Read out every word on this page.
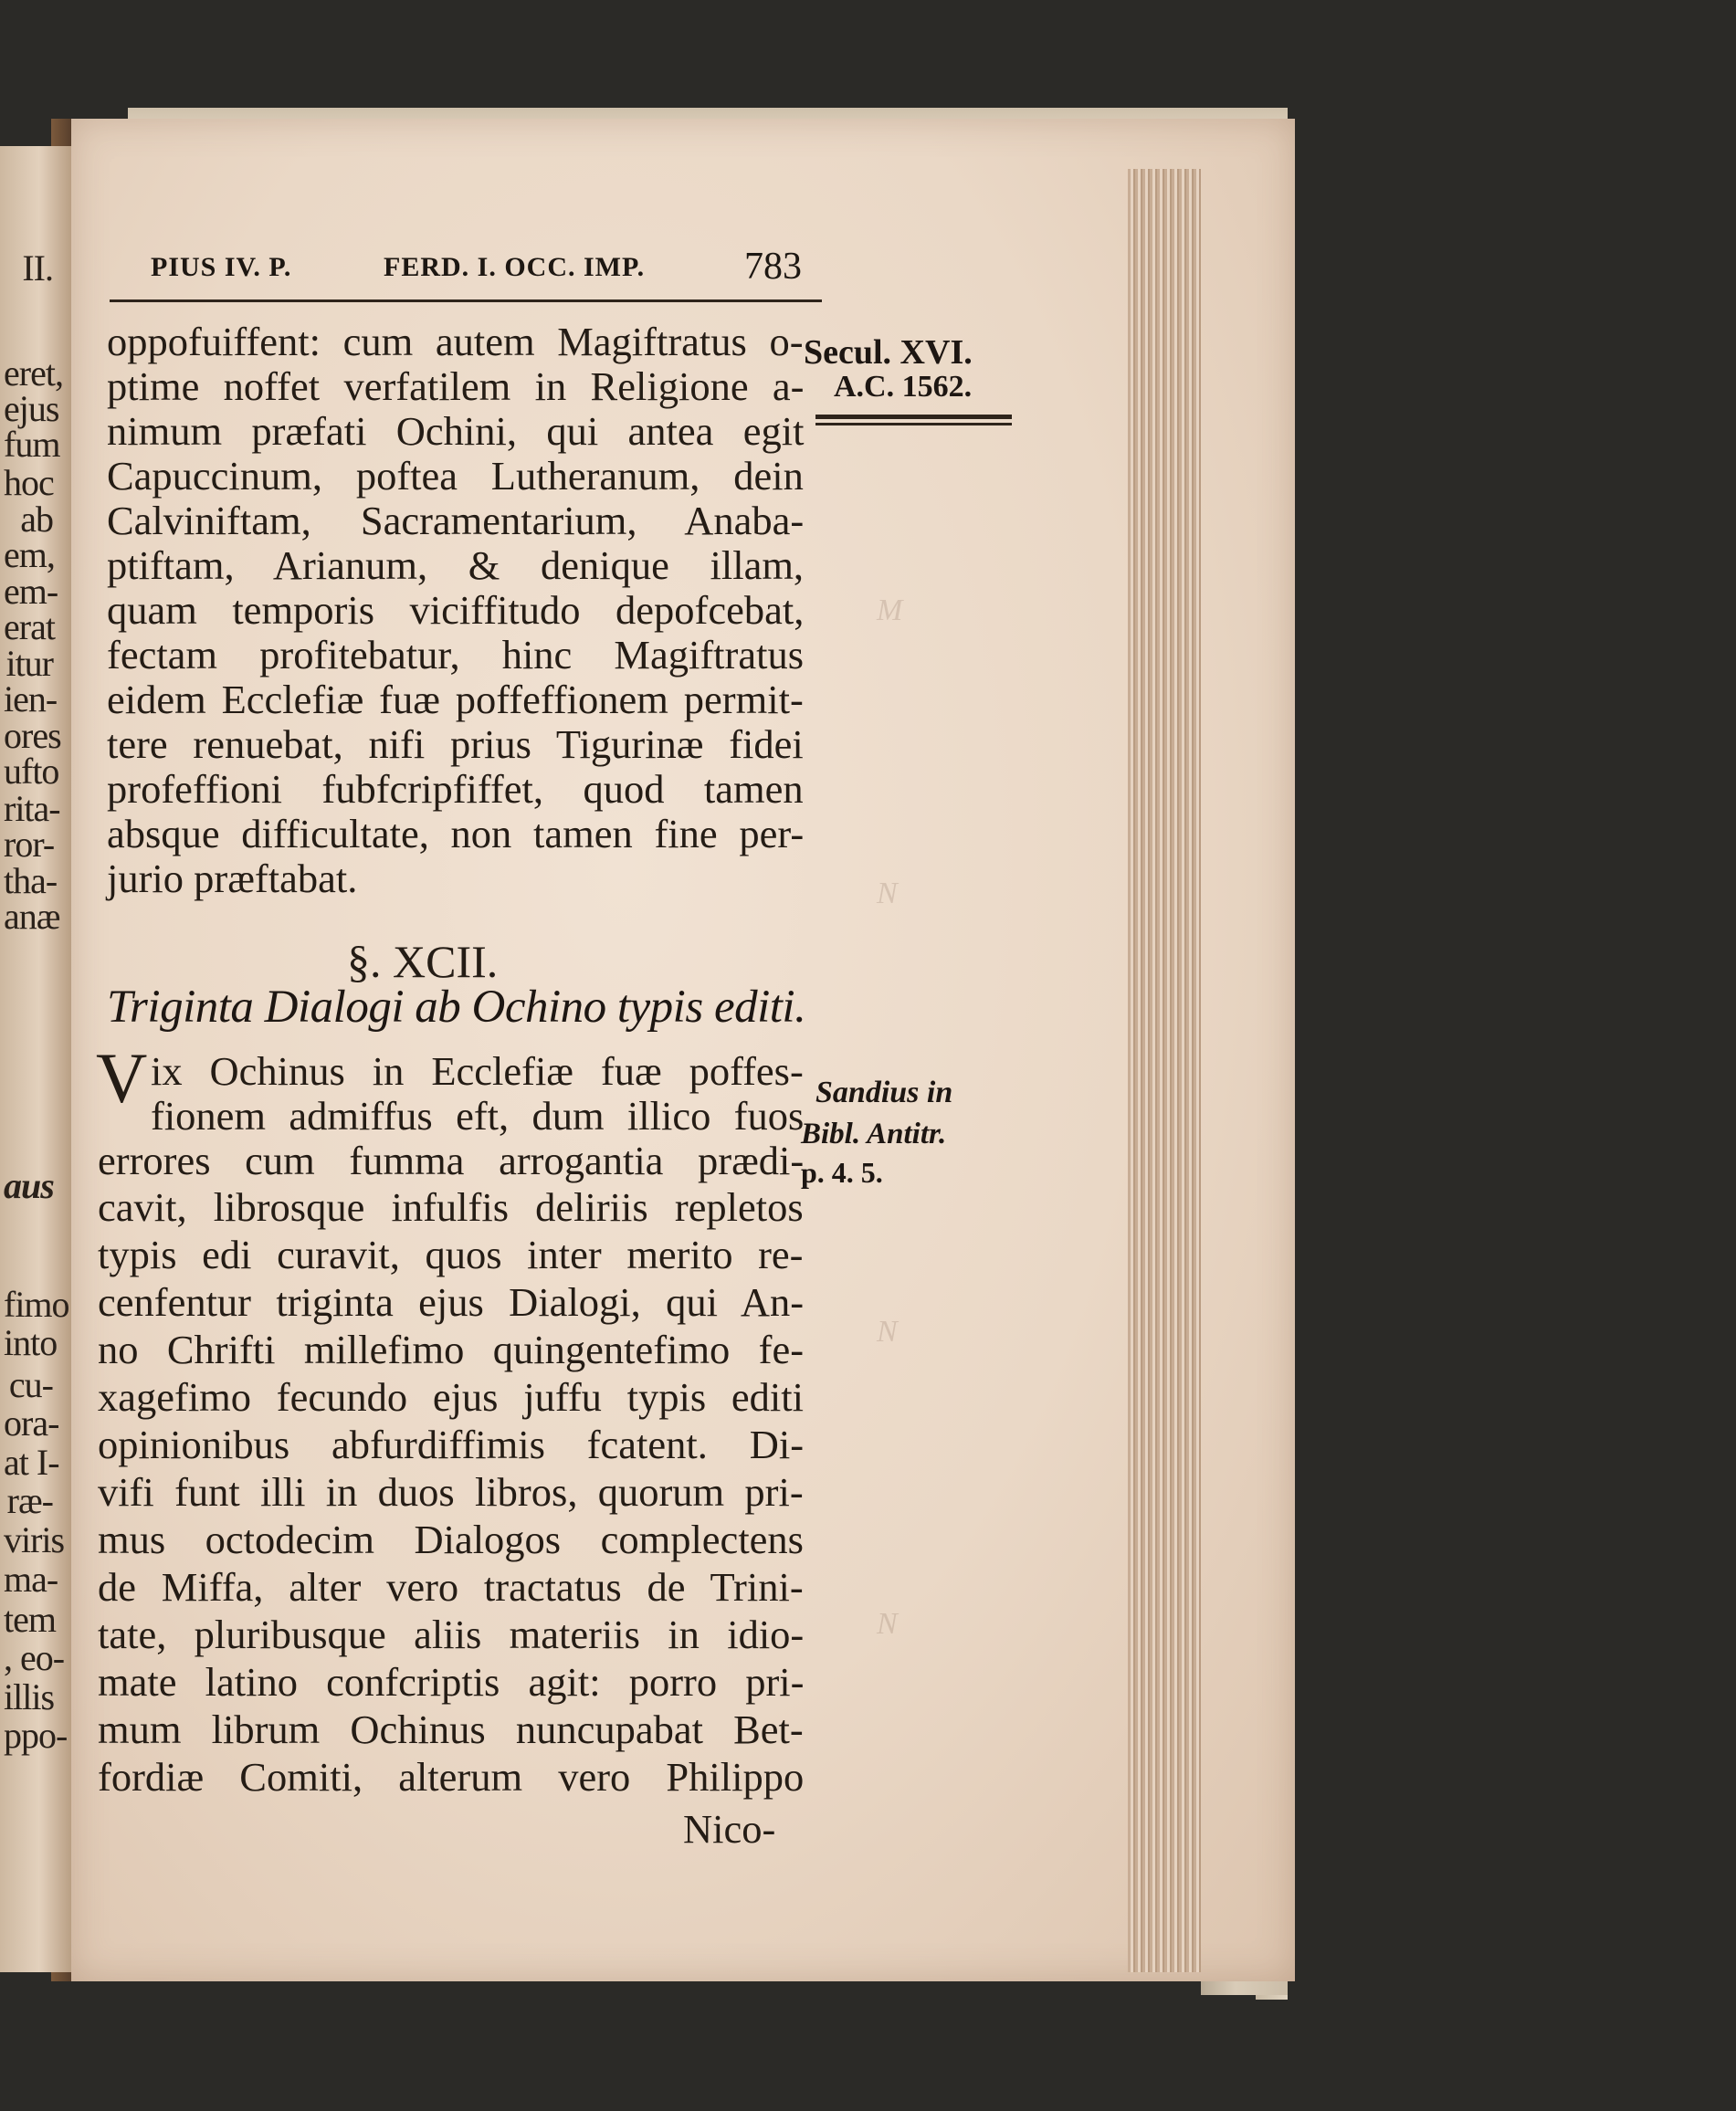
II.
eret,
ejus
fum
hoc
ab
em,
em-
erat
itur
ien-
ores
ufto
rita-
ror-
tha-
anæ
aus
fimo
into
cu-
ora-
at I-
ræ-
viris
ma-
tem
, eo-
illis
ppo-
M
N
N
N
PIUS IV. P.	FERD. I. OCC. IMP.	783
Secul. XVI.
A.C. 1562.
Sandius in
Bibl. Antitr.
p. 4. 5.
oppofuiffent: cum autem Magiftratus o-
ptime noffet verfatilem in Religione a-
nimum præfati Ochini, qui antea egit
Capuccinum, poftea Lutheranum, dein
Calviniftam, Sacramentarium, Anaba-
ptiftam, Arianum, & denique illam,
quam temporis viciffitudo depofcebat,
fectam profitebatur, hinc Magiftratus
eidem Ecclefiæ fuæ poffeffionem permit-
tere renuebat, nifi prius Tigurinæ fidei
profeffioni fubfcripfiffet, quod tamen
absque difficultate, non tamen fine per-
jurio præftabat.
§. XCII.
Triginta Dialogi ab Ochino typis editi.
V ix Ochinus in Ecclefiæ fuæ poffes-
fionem admiffus eft, dum illico fuos
errores cum fumma arrogantia prædi-
cavit, librosque infulfis deliriis repletos
typis edi curavit, quos inter merito re-
cenfentur triginta ejus Dialogi, qui An-
no Chrifti millefimo quingentefimo fe-
xagefimo fecundo ejus juffu typis editi
opinionibus abfurdiffimis fcatent. Di-
vifi funt illi in duos libros, quorum pri-
mus octodecim Dialogos complectens
de Miffa, alter vero tractatus de Trini-
tate, pluribusque aliis materiis in idio-
mate latino confcriptis agit: porro pri-
mum librum Ochinus nuncupabat Bet-
fordiæ Comiti, alterum vero Philippo
Nico-
